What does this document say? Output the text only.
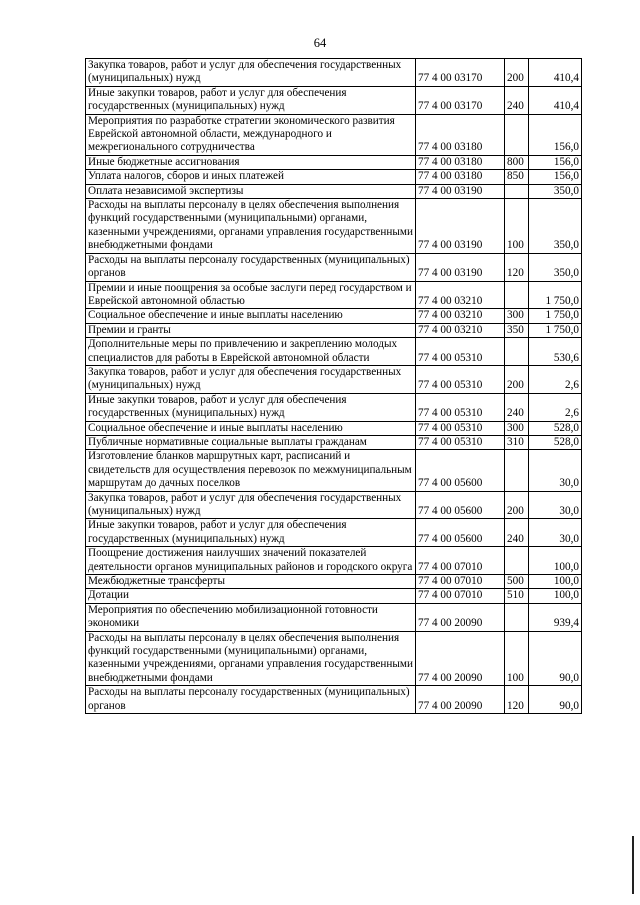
64
Закупка товаров, работ и услуг для обеспечения государственных (муниципальных) нужд	77 4 00 03170	200	410,4
Иные закупки товаров, работ и услуг для обеспечения государственных (муниципальных) нужд	77 4 00 03170	240	410,4
Мероприятия по разработке стратегии экономического развития Еврейской автономной области, международного и межрегионального сотрудничества	77 4 00 03180		156,0
Иные бюджетные ассигнования	77 4 00 03180	800	156,0
Уплата налогов, сборов и иных платежей	77 4 00 03180	850	156,0
Оплата независимой экспертизы	77 4 00 03190		350,0
Расходы на выплаты персоналу в целях обеспечения выполнения функций государственными (муниципальными) органами, казенными учреждениями, органами управления государственными внебюджетными фондами	77 4 00 03190	100	350,0
Расходы на выплаты персоналу государственных (муниципальных) органов	77 4 00 03190	120	350,0
Премии и иные поощрения за особые заслуги перед государством и Еврейской автономной областью	77 4 00 03210		1 750,0
Социальное обеспечение и иные выплаты населению	77 4 00 03210	300	1 750,0
Премии и гранты	77 4 00 03210	350	1 750,0
Дополнительные меры по привлечению и закреплению молодых специалистов для работы в Еврейской автономной области	77 4 00 05310		530,6
Закупка товаров, работ и услуг для обеспечения государственных (муниципальных) нужд	77 4 00 05310	200	2,6
Иные закупки товаров, работ и услуг для обеспечения государственных (муниципальных) нужд	77 4 00 05310	240	2,6
Социальное обеспечение и иные выплаты населению	77 4 00 05310	300	528,0
Публичные нормативные социальные выплаты гражданам	77 4 00 05310	310	528,0
Изготовление бланков маршрутных карт, расписаний и свидетельств для осуществления перевозок по межмуниципальным маршрутам до дачных поселков	77 4 00 05600		30,0
Закупка товаров, работ и услуг для обеспечения государственных (муниципальных) нужд	77 4 00 05600	200	30,0
Иные закупки товаров, работ и услуг для обеспечения государственных (муниципальных) нужд	77 4 00 05600	240	30,0
Поощрение достижения наилучших значений показателей деятельности органов муниципальных районов и городского округа	77 4 00 07010		100,0
Межбюджетные трансферты	77 4 00 07010	500	100,0
Дотации	77 4 00 07010	510	100,0
Мероприятия по обеспечению мобилизационной готовности экономики	77 4 00 20090		939,4
Расходы на выплаты персоналу в целях обеспечения выполнения функций государственными (муниципальными) органами, казенными учреждениями, органами управления государственными внебюджетными фондами	77 4 00 20090	100	90,0
Расходы на выплаты персоналу государственных (муниципальных) органов	77 4 00 20090	120	90,0
